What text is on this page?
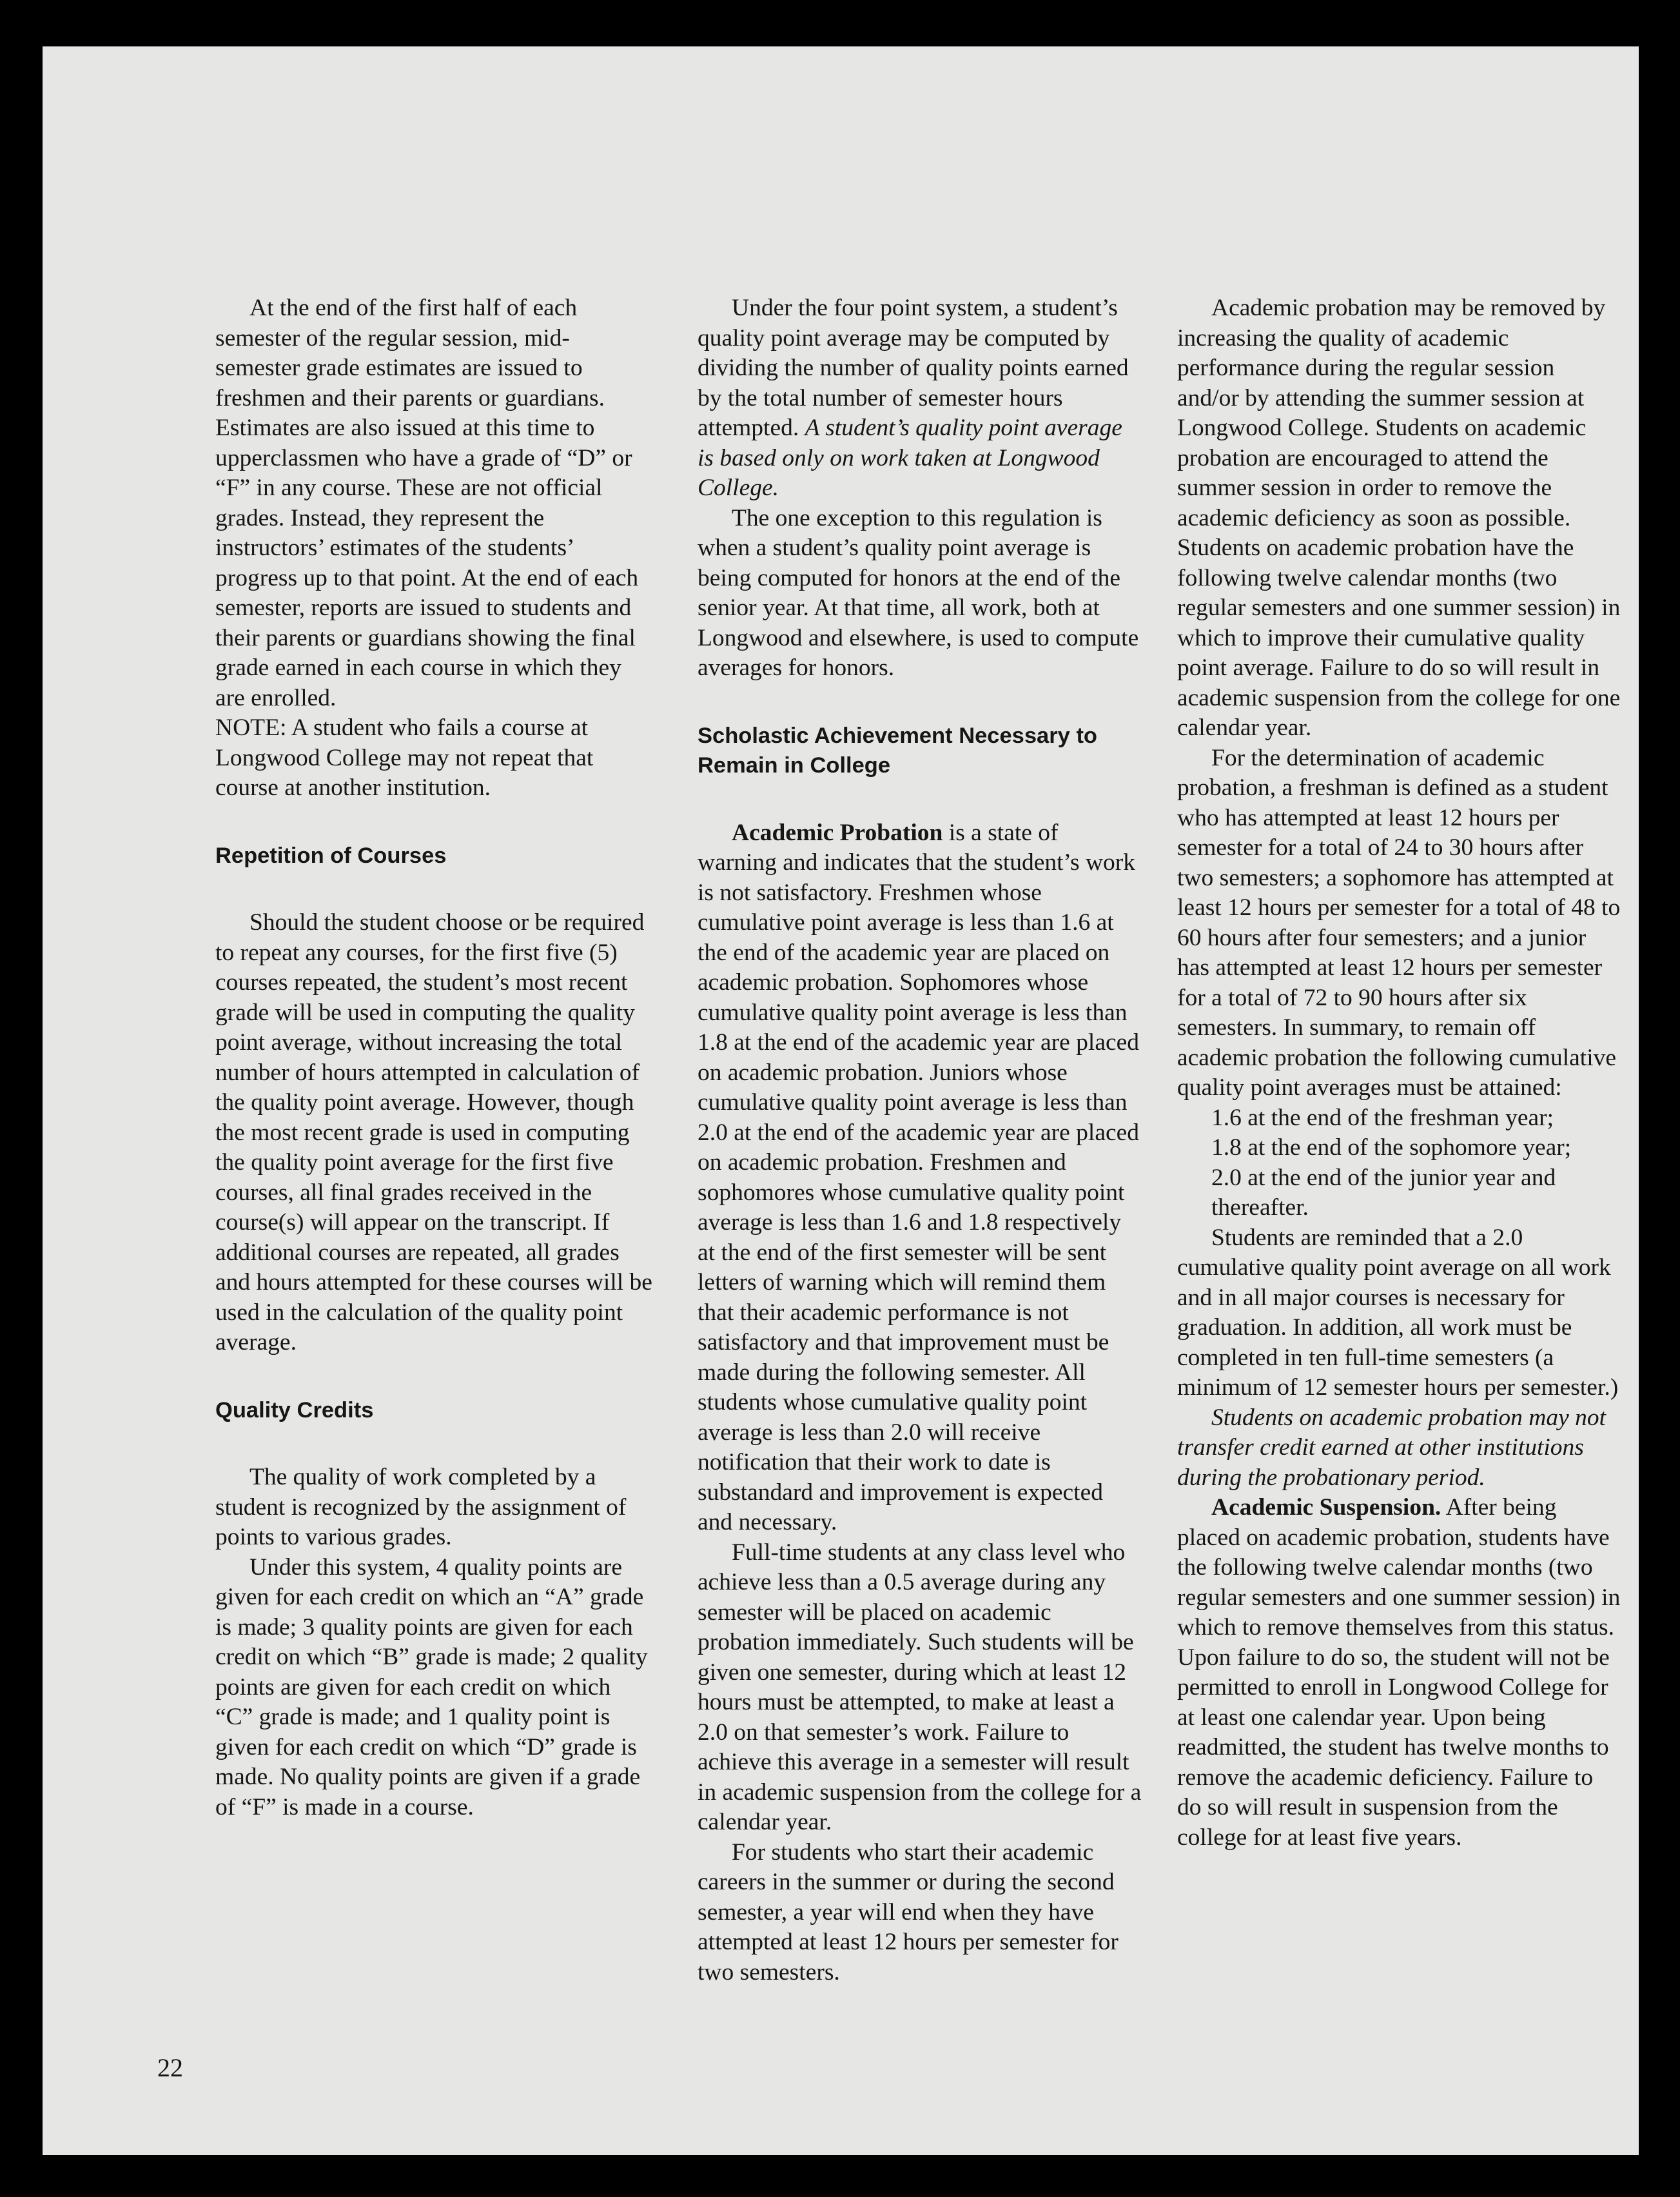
At the end of the first half of each semester of the regular session, mid-semester grade estimates are issued to freshmen and their parents or guardians. Estimates are also issued at this time to upperclassmen who have a grade of “D” or “F” in any course. These are not official grades. Instead, they represent the instructors’ estimates of the students’ progress up to that point. At the end of each semester, reports are issued to students and their parents or guardians showing the final grade earned in each course in which they are enrolled.

NOTE: A student who fails a course at Longwood College may not repeat that course at another institution.

Repetition of Courses

Should the student choose or be required to repeat any courses, for the first five (5) courses repeated, the student’s most recent grade will be used in computing the quality point average, without increasing the total number of hours attempted in calculation of the quality point average. However, though the most recent grade is used in computing the quality point average for the first five courses, all final grades received in the course(s) will appear on the transcript. If additional courses are repeated, all grades and hours attempted for these courses will be used in the calculation of the quality point average.

Quality Credits

The quality of work completed by a student is recognized by the assignment of points to various grades.

Under this system, 4 quality points are given for each credit on which an “A” grade is made; 3 quality points are given for each credit on which “B” grade is made; 2 quality points are given for each credit on which “C” grade is made; and 1 quality point is given for each credit on which “D” grade is made. No quality points are given if a grade of “F” is made in a course.

Under the four point system, a student’s quality point average may be computed by dividing the number of quality points earned by the total number of semester hours attempted. A student’s quality point average is based only on work taken at Longwood College.

The one exception to this regulation is when a student’s quality point average is being computed for honors at the end of the senior year. At that time, all work, both at Longwood and elsewhere, is used to compute averages for honors.

Scholastic Achievement Necessary to Remain in College

Academic Probation is a state of warning and indicates that the student’s work is not satisfactory. Freshmen whose cumulative point average is less than 1.6 at the end of the academic year are placed on academic probation. Sophomores whose cumulative quality point average is less than 1.8 at the end of the academic year are placed on academic probation. Juniors whose cumulative quality point average is less than 2.0 at the end of the academic year are placed on academic probation. Freshmen and sophomores whose cumulative quality point average is less than 1.6 and 1.8 respectively at the end of the first semester will be sent letters of warning which will remind them that their academic performance is not satisfactory and that improvement must be made during the following semester. All students whose cumulative quality point average is less than 2.0 will receive notification that their work to date is substandard and improvement is expected and necessary.

Full-time students at any class level who achieve less than a 0.5 average during any semester will be placed on academic probation immediately. Such students will be given one semester, during which at least 12 hours must be attempted, to make at least a 2.0 on that semester’s work. Failure to achieve this average in a semester will result in academic suspension from the college for a calendar year.

For students who start their academic careers in the summer or during the second semester, a year will end when they have attempted at least 12 hours per semester for two semesters.

Academic probation may be removed by increasing the quality of academic performance during the regular session and/or by attending the summer session at Longwood College. Students on academic probation are encouraged to attend the summer session in order to remove the academic deficiency as soon as possible. Students on academic probation have the following twelve calendar months (two regular semesters and one summer session) in which to improve their cumulative quality point average. Failure to do so will result in academic suspension from the college for one calendar year.

For the determination of academic probation, a freshman is defined as a student who has attempted at least 12 hours per semester for a total of 24 to 30 hours after two semesters; a sophomore has attempted at least 12 hours per semester for a total of 48 to 60 hours after four semesters; and a junior has attempted at least 12 hours per semester for a total of 72 to 90 hours after six semesters. In summary, to remain off academic probation the following cumulative quality point averages must be attained:

1.6 at the end of the freshman year;

1.8 at the end of the sophomore year;

2.0 at the end of the junior year and thereafter.

Students are reminded that a 2.0 cumulative quality point average on all work and in all major courses is necessary for graduation. In addition, all work must be completed in ten full-time semesters (a minimum of 12 semester hours per semester.)

Students on academic probation may not transfer credit earned at other institutions during the probationary period.

Academic Suspension. After being placed on academic probation, students have the following twelve calendar months (two regular semesters and one summer session) in which to remove themselves from this status. Upon failure to do so, the student will not be permitted to enroll in Longwood College for at least one calendar year. Upon being readmitted, the student has twelve months to remove the academic deficiency. Failure to do so will result in suspension from the college for at least five years.

22
